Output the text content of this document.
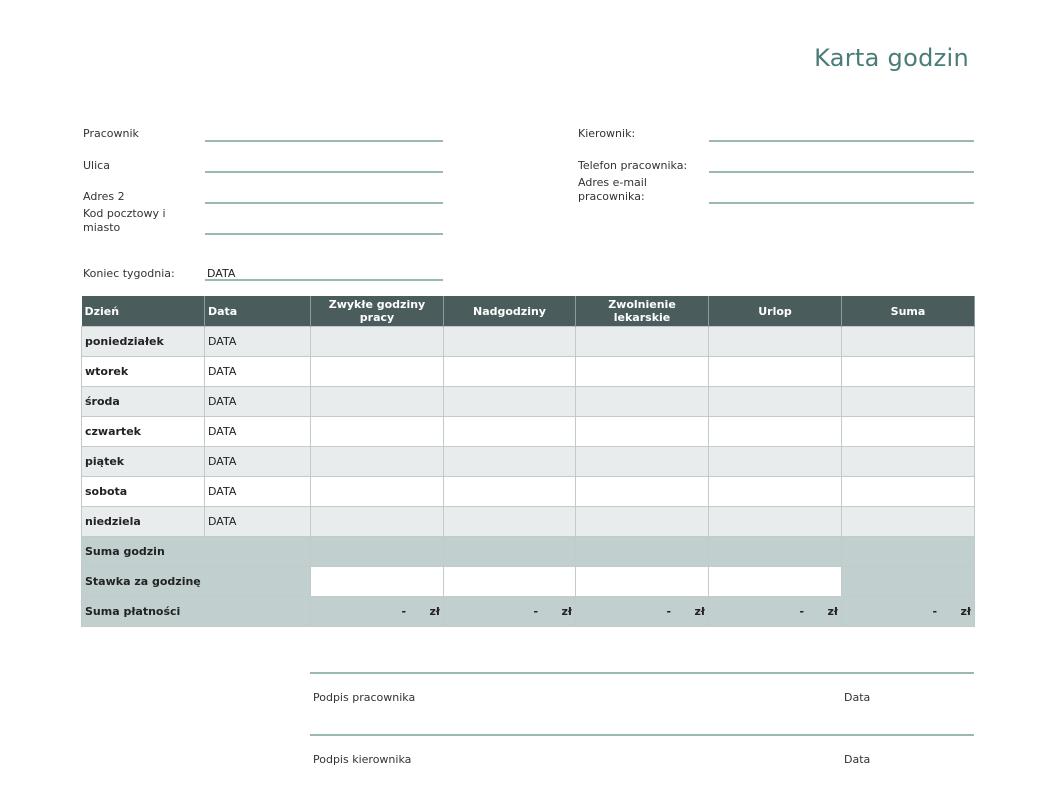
Karta godzin
Pracownik
Ulica
Adres 2
Kod pocztowy i miasto
Koniec tygodnia:	DATA
Kierownik:
Telefon pracownika:
Adres e-mail pracownika:
Dzień	Data	Zwykłe godziny pracy	Nadgodziny	Zwolnienie lekarskie	Urlop	Suma
poniedziałek	DATA					
wtorek	DATA					
środa	DATA					
czwartek	DATA					
piątek	DATA					
sobota	DATA					
niedziela	DATA					
Suma godzin						
Stawka za godzinę						
Suma płatności		- zł	- zł	- zł	- zł	- zł
Podpis pracownika	Data
Podpis kierownika	Data
